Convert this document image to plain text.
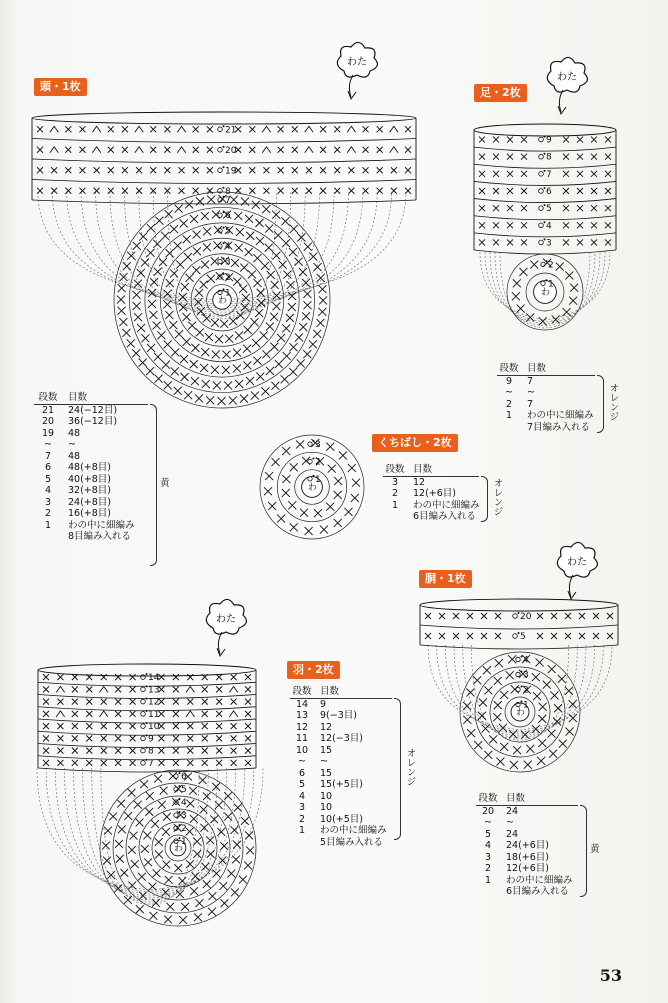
頭・1枚	足・2枚
くちばし・2枚
胴・1枚
羽・2枚
わた
21
20
19
8
わ
7
6
5
4
3
2
1
わた
9
8
7
6
5
4
3
わ
2
1
わ
3
2
1
わた
20
5
わ
4
3
2
1
わた
14
13
12
11
10
9
8
7
わ
6
5
4
3
2
1
段数	目数
21	24(−12目)
20	36(−12目)
19	48
~	~
7	48
6	48(+8目)
5	40(+8目)
4	32(+8目)
3	24(+8目)
2	16(+8目)
1	わの中に細編み
8目編み入れる
黄
段数 目数
9	7
~	~
2	7
1	わの中に細編み
7目編み入れる
オレンジ
段数 目数
3	12
2	12(+6目)
1	わの中に細編み
6目編み入れる
オレンジ
段数 目数
14	9
13	9(−3目)
12	12
11	12(−3目)
10	15
~	~
6	15
5	15(+5目)
4	10
3	10
2	10(+5目)
1	わの中に細編み
5目編み入れる
オレンジ
段数 目数
20	24
~	~
5	24
4	24(+6目)
3	18(+6目)
2	12(+6目)
1	わの中に細編み
6目編み入れる
黄
53
